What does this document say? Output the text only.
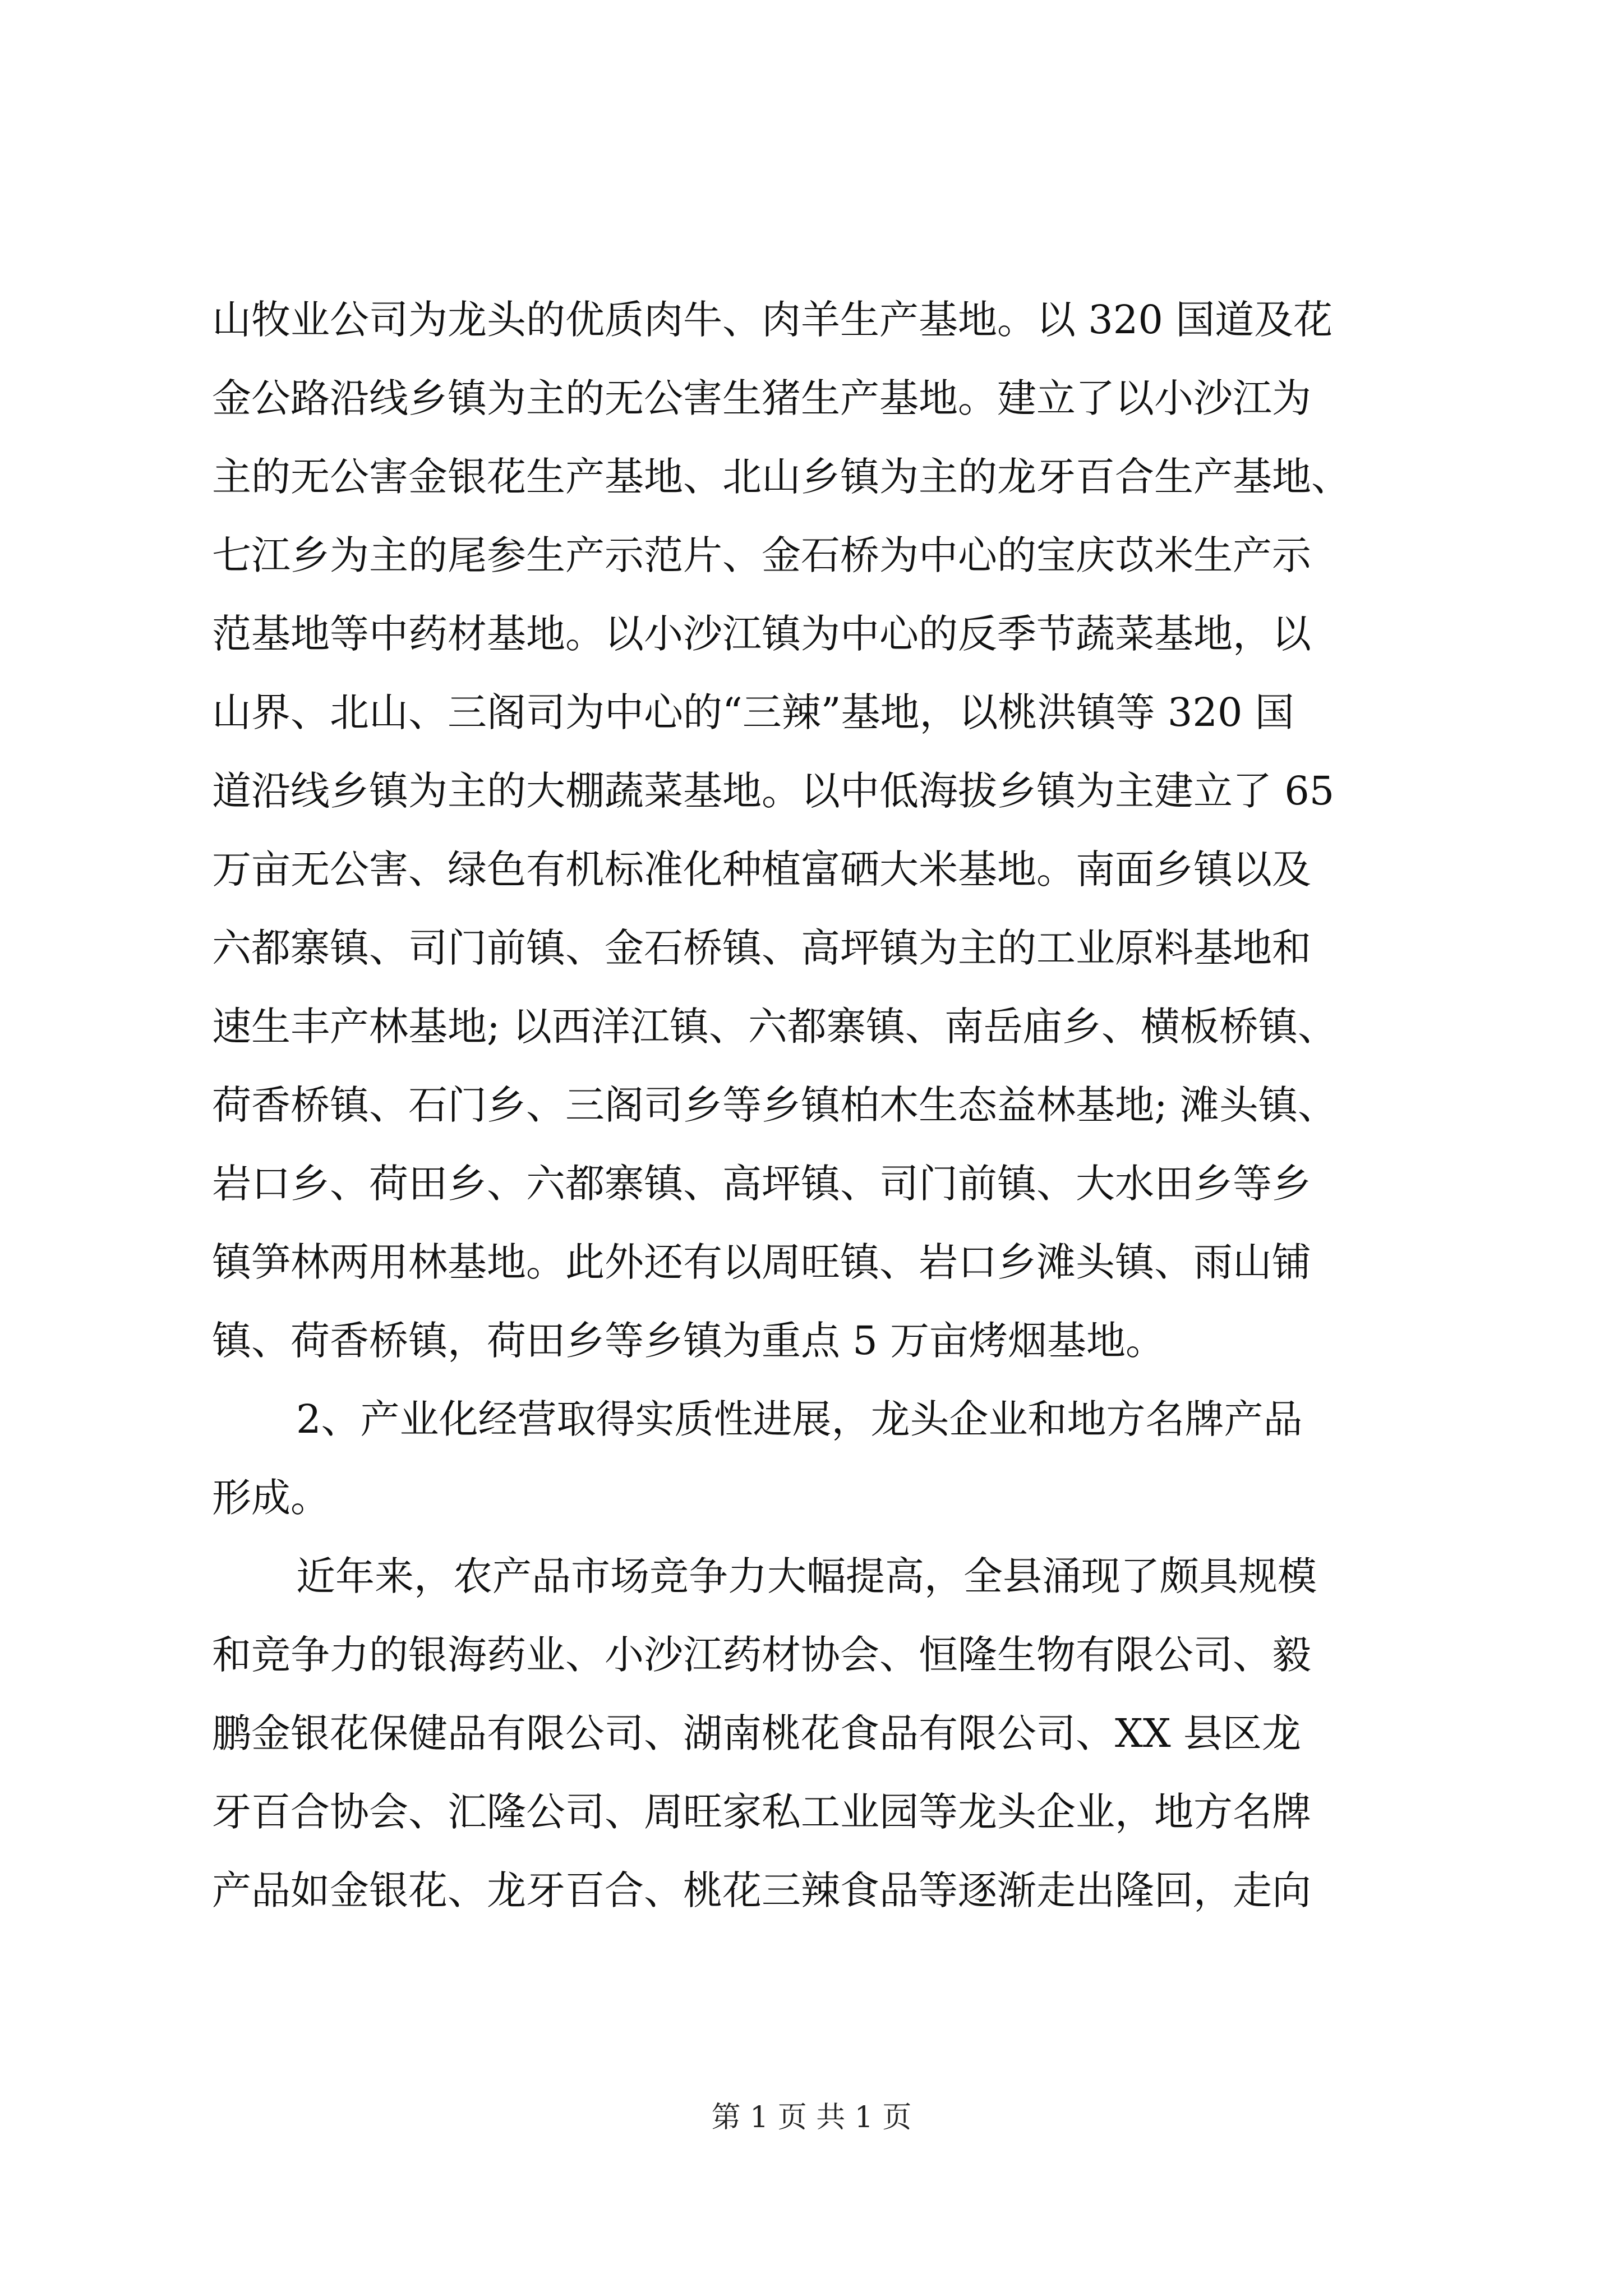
山牧业公司为龙头的优质肉牛、肉羊生产基地。以 320 国道及花
金公路沿线乡镇为主的无公害生猪生产基地。建立了以小沙江为
主的无公害金银花生产基地、北山乡镇为主的龙牙百合生产基地、
七江乡为主的尾参生产示范片、金石桥为中心的宝庆苡米生产示
范基地等中药材基地。以小沙江镇为中心的反季节蔬菜基地，以
山界、北山、三阁司为中心的“三辣”基地，以桃洪镇等 320 国
道沿线乡镇为主的大棚蔬菜基地。以中低海拔乡镇为主建立了 65
万亩无公害、绿色有机标准化种植富硒大米基地。南面乡镇以及
六都寨镇、司门前镇、金石桥镇、高坪镇为主的工业原料基地和
速生丰产林基地; 以西洋江镇、六都寨镇、南岳庙乡、横板桥镇、
荷香桥镇、石门乡、三阁司乡等乡镇柏木生态益林基地; 滩头镇、
岩口乡、荷田乡、六都寨镇、高坪镇、司门前镇、大水田乡等乡
镇笋林两用林基地。此外还有以周旺镇、岩口乡滩头镇、雨山铺
镇、荷香桥镇，荷田乡等乡镇为重点 5 万亩烤烟基地。
2、产业化经营取得实质性进展，龙头企业和地方名牌产品
形成。
近年来，农产品市场竞争力大幅提高，全县涌现了颇具规模
和竞争力的银海药业、小沙江药材协会、恒隆生物有限公司、毅
鹏金银花保健品有限公司、湖南桃花食品有限公司、XX 县区龙
牙百合协会、汇隆公司、周旺家私工业园等龙头企业，地方名牌
产品如金银花、龙牙百合、桃花三辣食品等逐渐走出隆回，走向
第 1 页 共 1 页
